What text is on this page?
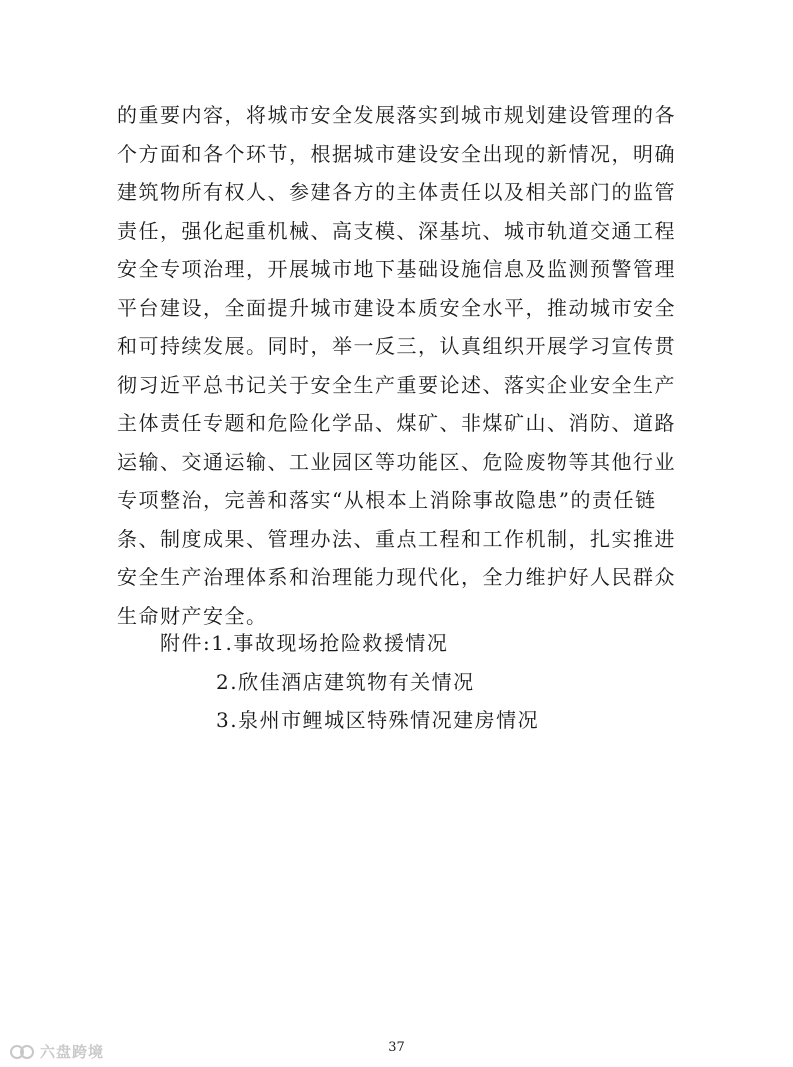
的重要内容，将城市安全发展落实到城市规划建设管理的各
个方面和各个环节，根据城市建设安全出现的新情况，明确
建筑物所有权人、参建各方的主体责任以及相关部门的监管
责任，强化起重机械、高支模、深基坑、城市轨道交通工程
安全专项治理，开展城市地下基础设施信息及监测预警管理
平台建设，全面提升城市建设本质安全水平，推动城市安全
和可持续发展。同时，举一反三，认真组织开展学习宣传贯
彻习近平总书记关于安全生产重要论述、落实企业安全生产
主体责任专题和危险化学品、煤矿、非煤矿山、消防、道路
运输、交通运输、工业园区等功能区、危险废物等其他行业
专项整治，完善和落实“从根本上消除事故隐患”的责任链
条、制度成果、管理办法、重点工程和工作机制，扎实推进
安全生产治理体系和治理能力现代化，全力维护好人民群众
生命财产安全。
附件:1.事故现场抢险救援情况
2.欣佳酒店建筑物有关情况
3.泉州市鲤城区特殊情况建房情况
37
六盘跨境
